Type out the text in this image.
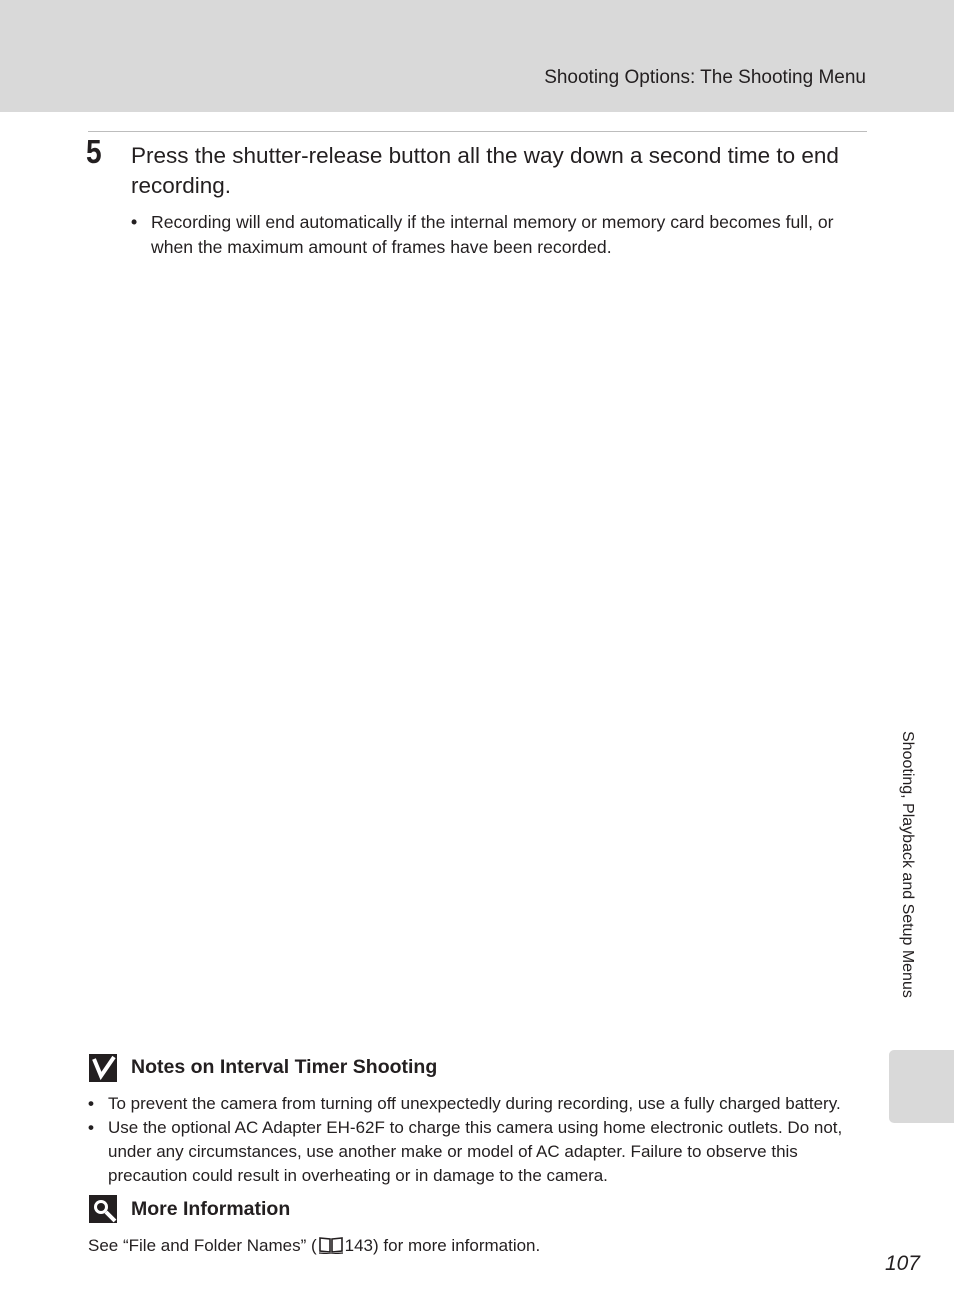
Shooting Options: The Shooting Menu
5 Press the shutter-release button all the way down a second time to end recording.
• Recording will end automatically if the internal memory or memory card becomes full, or when the maximum amount of frames have been recorded.
Shooting, Playback and Setup Menus
Notes on Interval Timer Shooting
• To prevent the camera from turning off unexpectedly during recording, use a fully charged battery.
• Use the optional AC Adapter EH-62F to charge this camera using home electronic outlets. Do not, under any circumstances, use another make or model of AC adapter. Failure to observe this precaution could result in overheating or in damage to the camera.
More Information
See “File and Folder Names” ( 143) for more information.
107
